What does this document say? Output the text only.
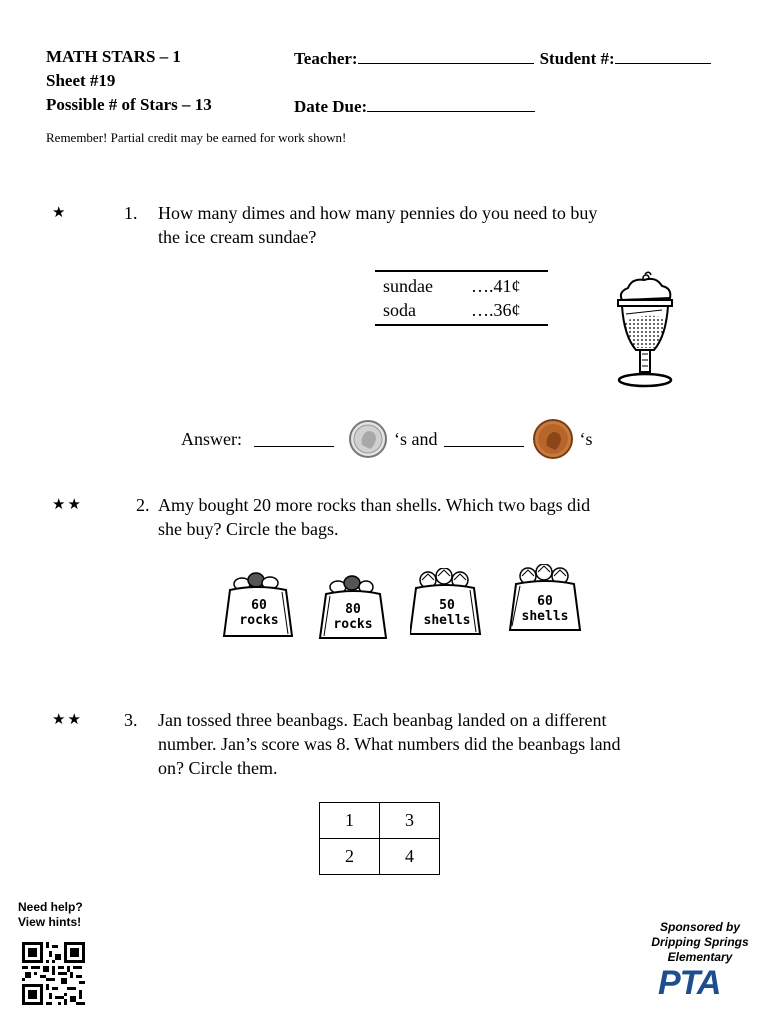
MATH STARS – 1
Sheet #19
Possible # of Stars – 13
Teacher:	Student #:
Date Due:
Remember! Partial credit may be earned for work shown!
★	1. How many dimes and how many pennies do you need to buy
the ice cream sundae?
sundae	….41¢
soda	….36¢
Answer:	‘s and	‘s
★★	2. Amy bought 20 more rocks than shells. Which two bags did
she buy? Circle the bags.
60
rocks
80
rocks
50
shells
60
shells
★★ 3. Jan tossed three beanbags. Each beanbag landed on a different
number. Jan’s score was 8. What numbers did the beanbags land
on? Circle them.
1	3
2	4
Need help?
View hints!	Sponsored by
Dripping Springs
Elementary
PTA
